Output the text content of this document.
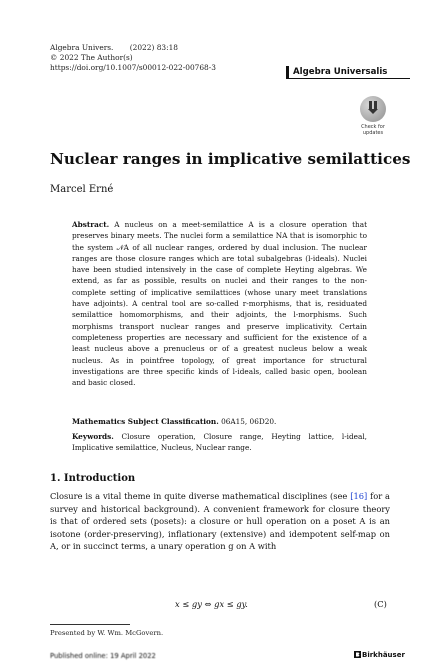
Algebra Univers. (2022) 83:18
© 2022 The Author(s)
https://doi.org/10.1007/s00012-022-00768-3	Algebra Universalis
Check for
updates
Nuclear ranges in implicative semilattices
Marcel Erné
Abstract. A nucleus on a meet-semilattice A is a closure operation that preserves binary meets. The nuclei form a semilattice NA that is isomorphic to the system 𝒩A of all nuclear ranges, ordered by dual inclusion. The nuclear ranges are those closure ranges which are total subalgebras (l-ideals). Nuclei have been studied intensively in the case of complete Heyting algebras. We extend, as far as possible, results on nuclei and their ranges to the non-complete setting of implicative semilattices (whose unary meet translations have adjoints). A central tool are so-called r-morphisms, that is, residuated semilattice homomorphisms, and their adjoints, the l-morphisms. Such morphisms transport nuclear ranges and preserve implicativity. Certain completeness properties are necessary and sufficient for the existence of a least nucleus above a prenucleus or of a greatest nucleus below a weak nucleus. As in pointfree topology, of great importance for structural investigations are three specific kinds of l-ideals, called basic open, boolean and basic closed.
Mathematics Subject Classification. 06A15, 06D20.
Keywords. Closure operation, Closure range, Heyting lattice, l-ideal, Implicative semilattice, Nucleus, Nuclear range.
1. Introduction
Closure is a vital theme in quite diverse mathematical disciplines (see [16] for a survey and historical background). A convenient framework for closure theory is that of ordered sets (posets): a closure or hull operation on a poset A is an isotone (order-preserving), inflationary (extensive) and idempotent self-map on A, or in succinct terms, a unary operation g on A with
x ≤ gy ⇔ gx ≤ gy.	(C)
Presented by W. Wm. McGovern.
Published online: 19 April 2022	Birkhäuser
